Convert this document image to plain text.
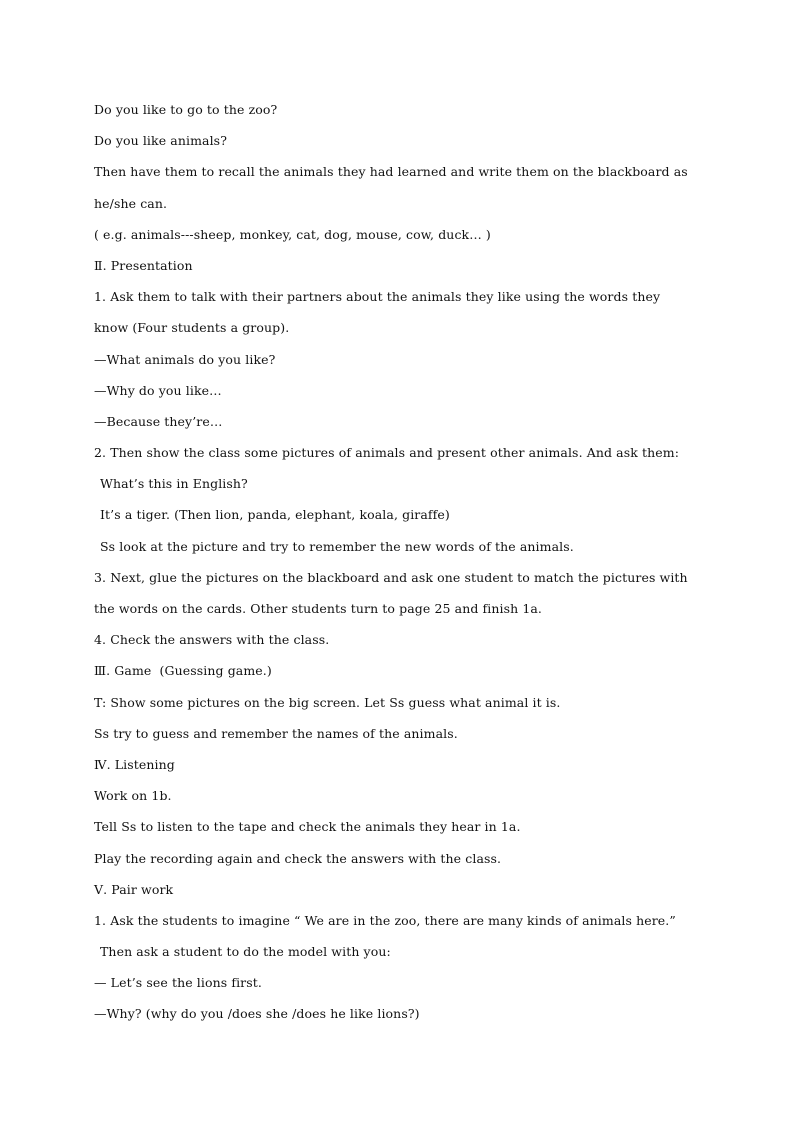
Do you like to go to the zoo?
Do you like animals?
Then have them to recall the animals they had learned and write them on the blackboard as
he/she can.
( e.g. animals---sheep, monkey, cat, dog, mouse, cow, duck… )
Ⅱ. Presentation
1. Ask them to talk with their partners about the animals they like using the words they
know (Four students a group).
—What animals do you like?
—Why do you like…
—Because they’re…
2. Then show the class some pictures of animals and present other animals. And ask them:
What’s this in English?
It’s a tiger. (Then lion, panda, elephant, koala, giraffe)
Ss look at the picture and try to remember the new words of the animals.
3. Next, glue the pictures on the blackboard and ask one student to match the pictures with
the words on the cards. Other students turn to page 25 and finish 1a.
4. Check the answers with the class.
Ⅲ. Game  (Guessing game.)
T: Show some pictures on the big screen. Let Ss guess what animal it is.
Ss try to guess and remember the names of the animals.
Ⅳ. Listening
Work on 1b.
Tell Ss to listen to the tape and check the animals they hear in 1a.
Play the recording again and check the answers with the class.
Ⅴ. Pair work
1. Ask the students to imagine “ We are in the zoo, there are many kinds of animals here.”
Then ask a student to do the model with you:
— Let’s see the lions first.
—Why? (why do you /does she /does he like lions?)
